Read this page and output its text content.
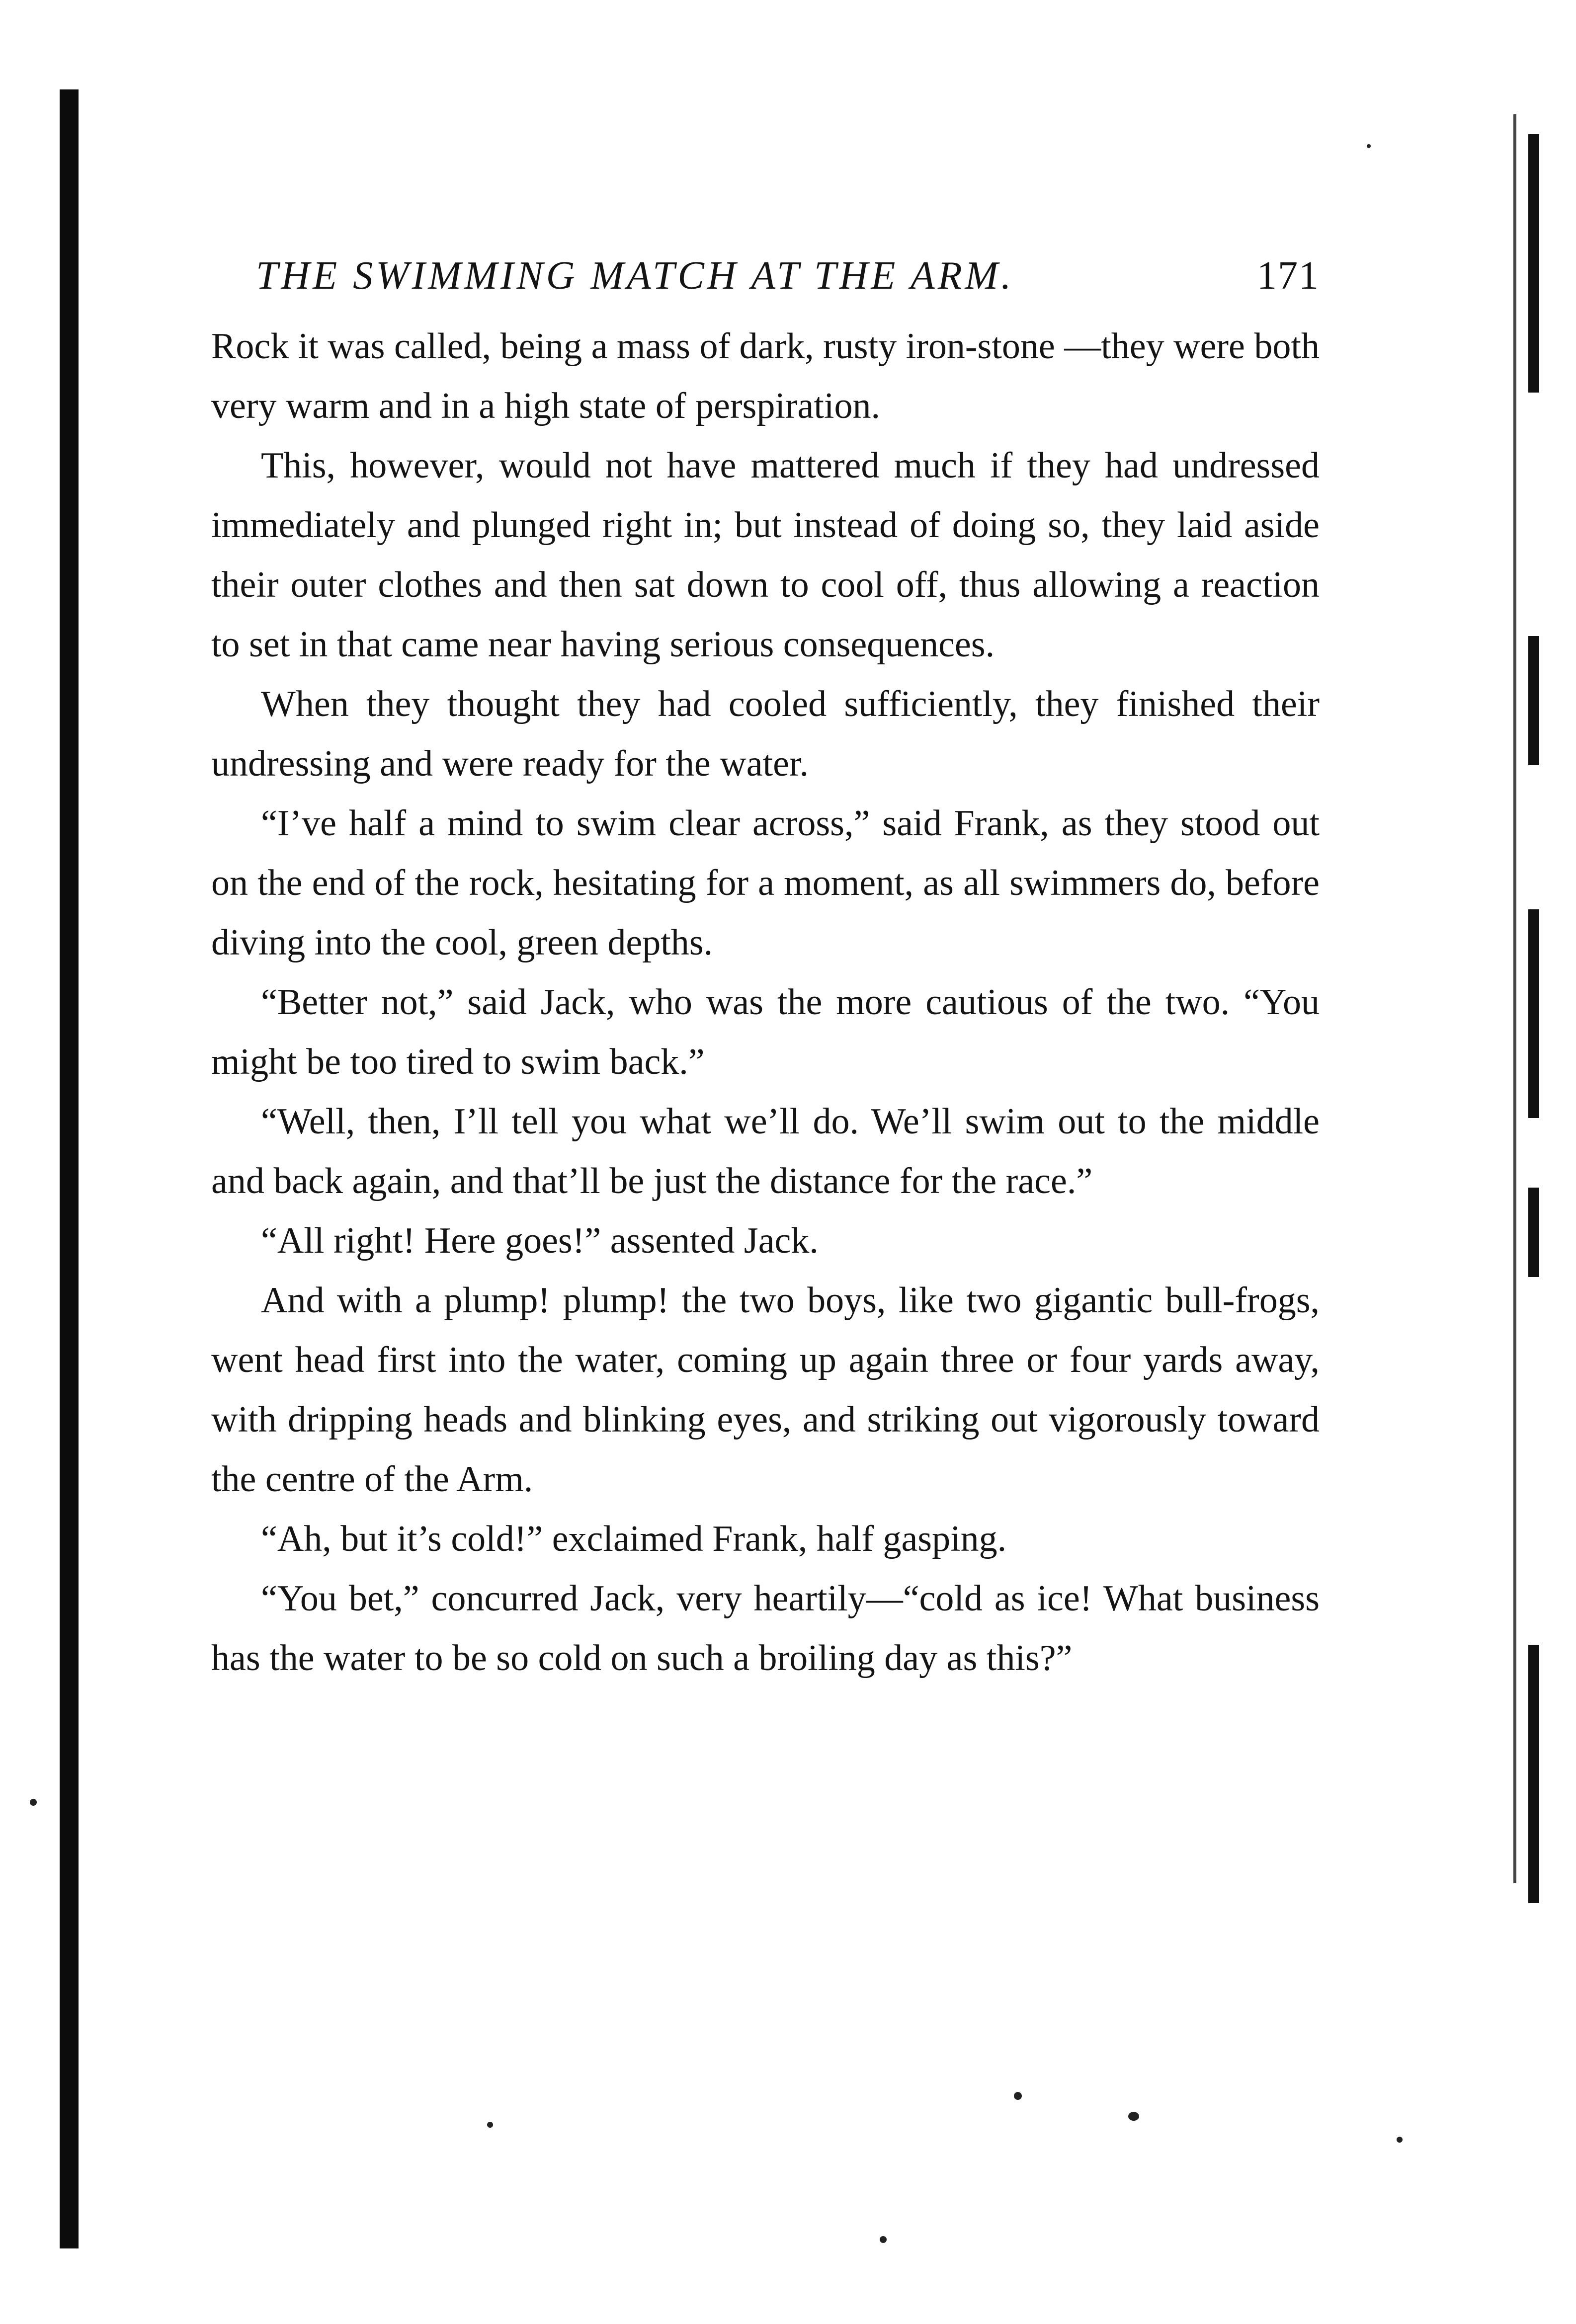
THE SWIMMING MATCH AT THE ARM.	171

Rock it was called, being a mass of dark, rusty iron-stone —they were both very warm and in a high state of perspiration.

This, however, would not have mattered much if they had undressed immediately and plunged right in; but instead of doing so, they laid aside their outer clothes and then sat down to cool off, thus allowing a reaction to set in that came near having serious consequences.

When they thought they had cooled sufficiently, they finished their undressing and were ready for the water.

“I’ve half a mind to swim clear across,” said Frank, as they stood out on the end of the rock, hesitating for a moment, as all swimmers do, before diving into the cool, green depths.

“Better not,” said Jack, who was the more cautious of the two. “You might be too tired to swim back.”

“Well, then, I’ll tell you what we’ll do. We’ll swim out to the middle and back again, and that’ll be just the distance for the race.”

“All right! Here goes!” assented Jack.

And with a plump! plump! the two boys, like two gigantic bull-frogs, went head first into the water, coming up again three or four yards away, with dripping heads and blinking eyes, and striking out vigorously toward the centre of the Arm.

“Ah, but it’s cold!” exclaimed Frank, half gasping.

“You bet,” concurred Jack, very heartily—“cold as ice! What business has the water to be so cold on such a broiling day as this?”
